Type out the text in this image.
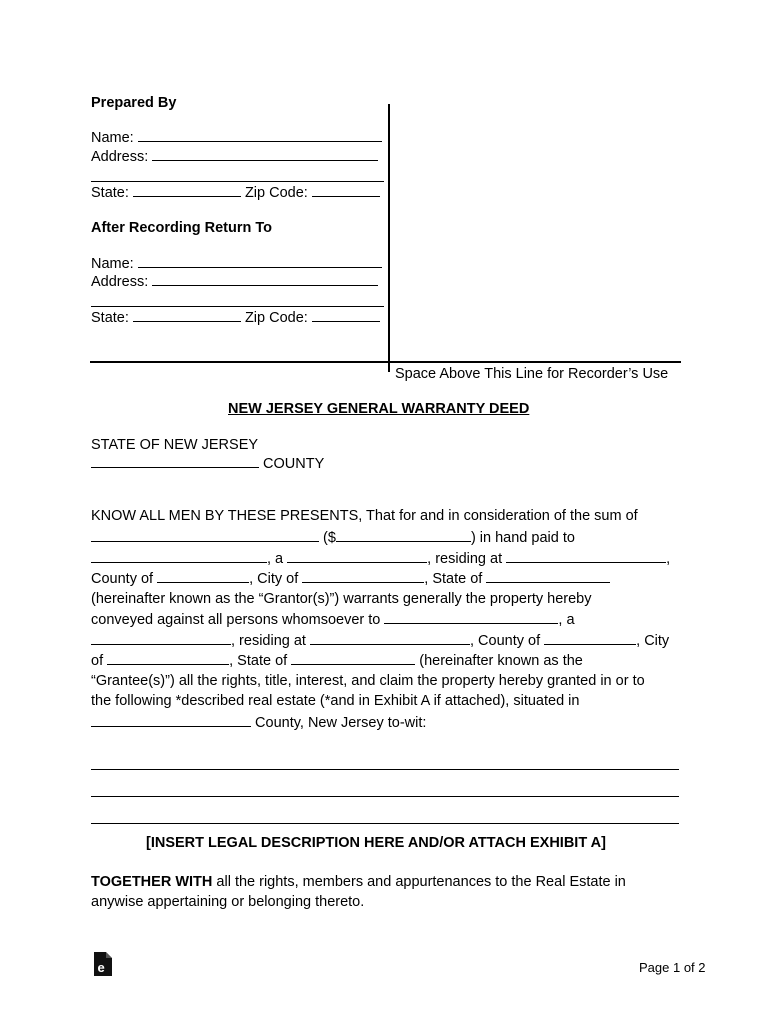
Prepared By
Name:
Address:
State:	Zip Code:
After Recording Return To
Name:
Address:
State:	Zip Code:
Space Above This Line for Recorder’s Use
NEW JERSEY GENERAL WARRANTY DEED
STATE OF NEW JERSEY
COUNTY
KNOW ALL MEN BY THESE PRESENTS, That for and in consideration of the sum of
($	) in hand paid to
, a	, residing at	,
County of	, City of	, State of
(hereinafter known as the “Grantor(s)”) warrants generally the property hereby
conveyed against all persons whomsoever to	, a
, residing at	, County of	, City
of	, State of	(hereinafter known as the
“Grantee(s)”) all the rights, title, interest, and claim the property hereby granted in or to
the following *described real estate (*and in Exhibit A if attached), situated in
County, New Jersey to-wit:
[INSERT LEGAL DESCRIPTION HERE AND/OR ATTACH EXHIBIT A]
TOGETHER WITH all the rights, members and appurtenances to the Real Estate in
anywise appertaining or belonging thereto.
e	Page 1 of 2
